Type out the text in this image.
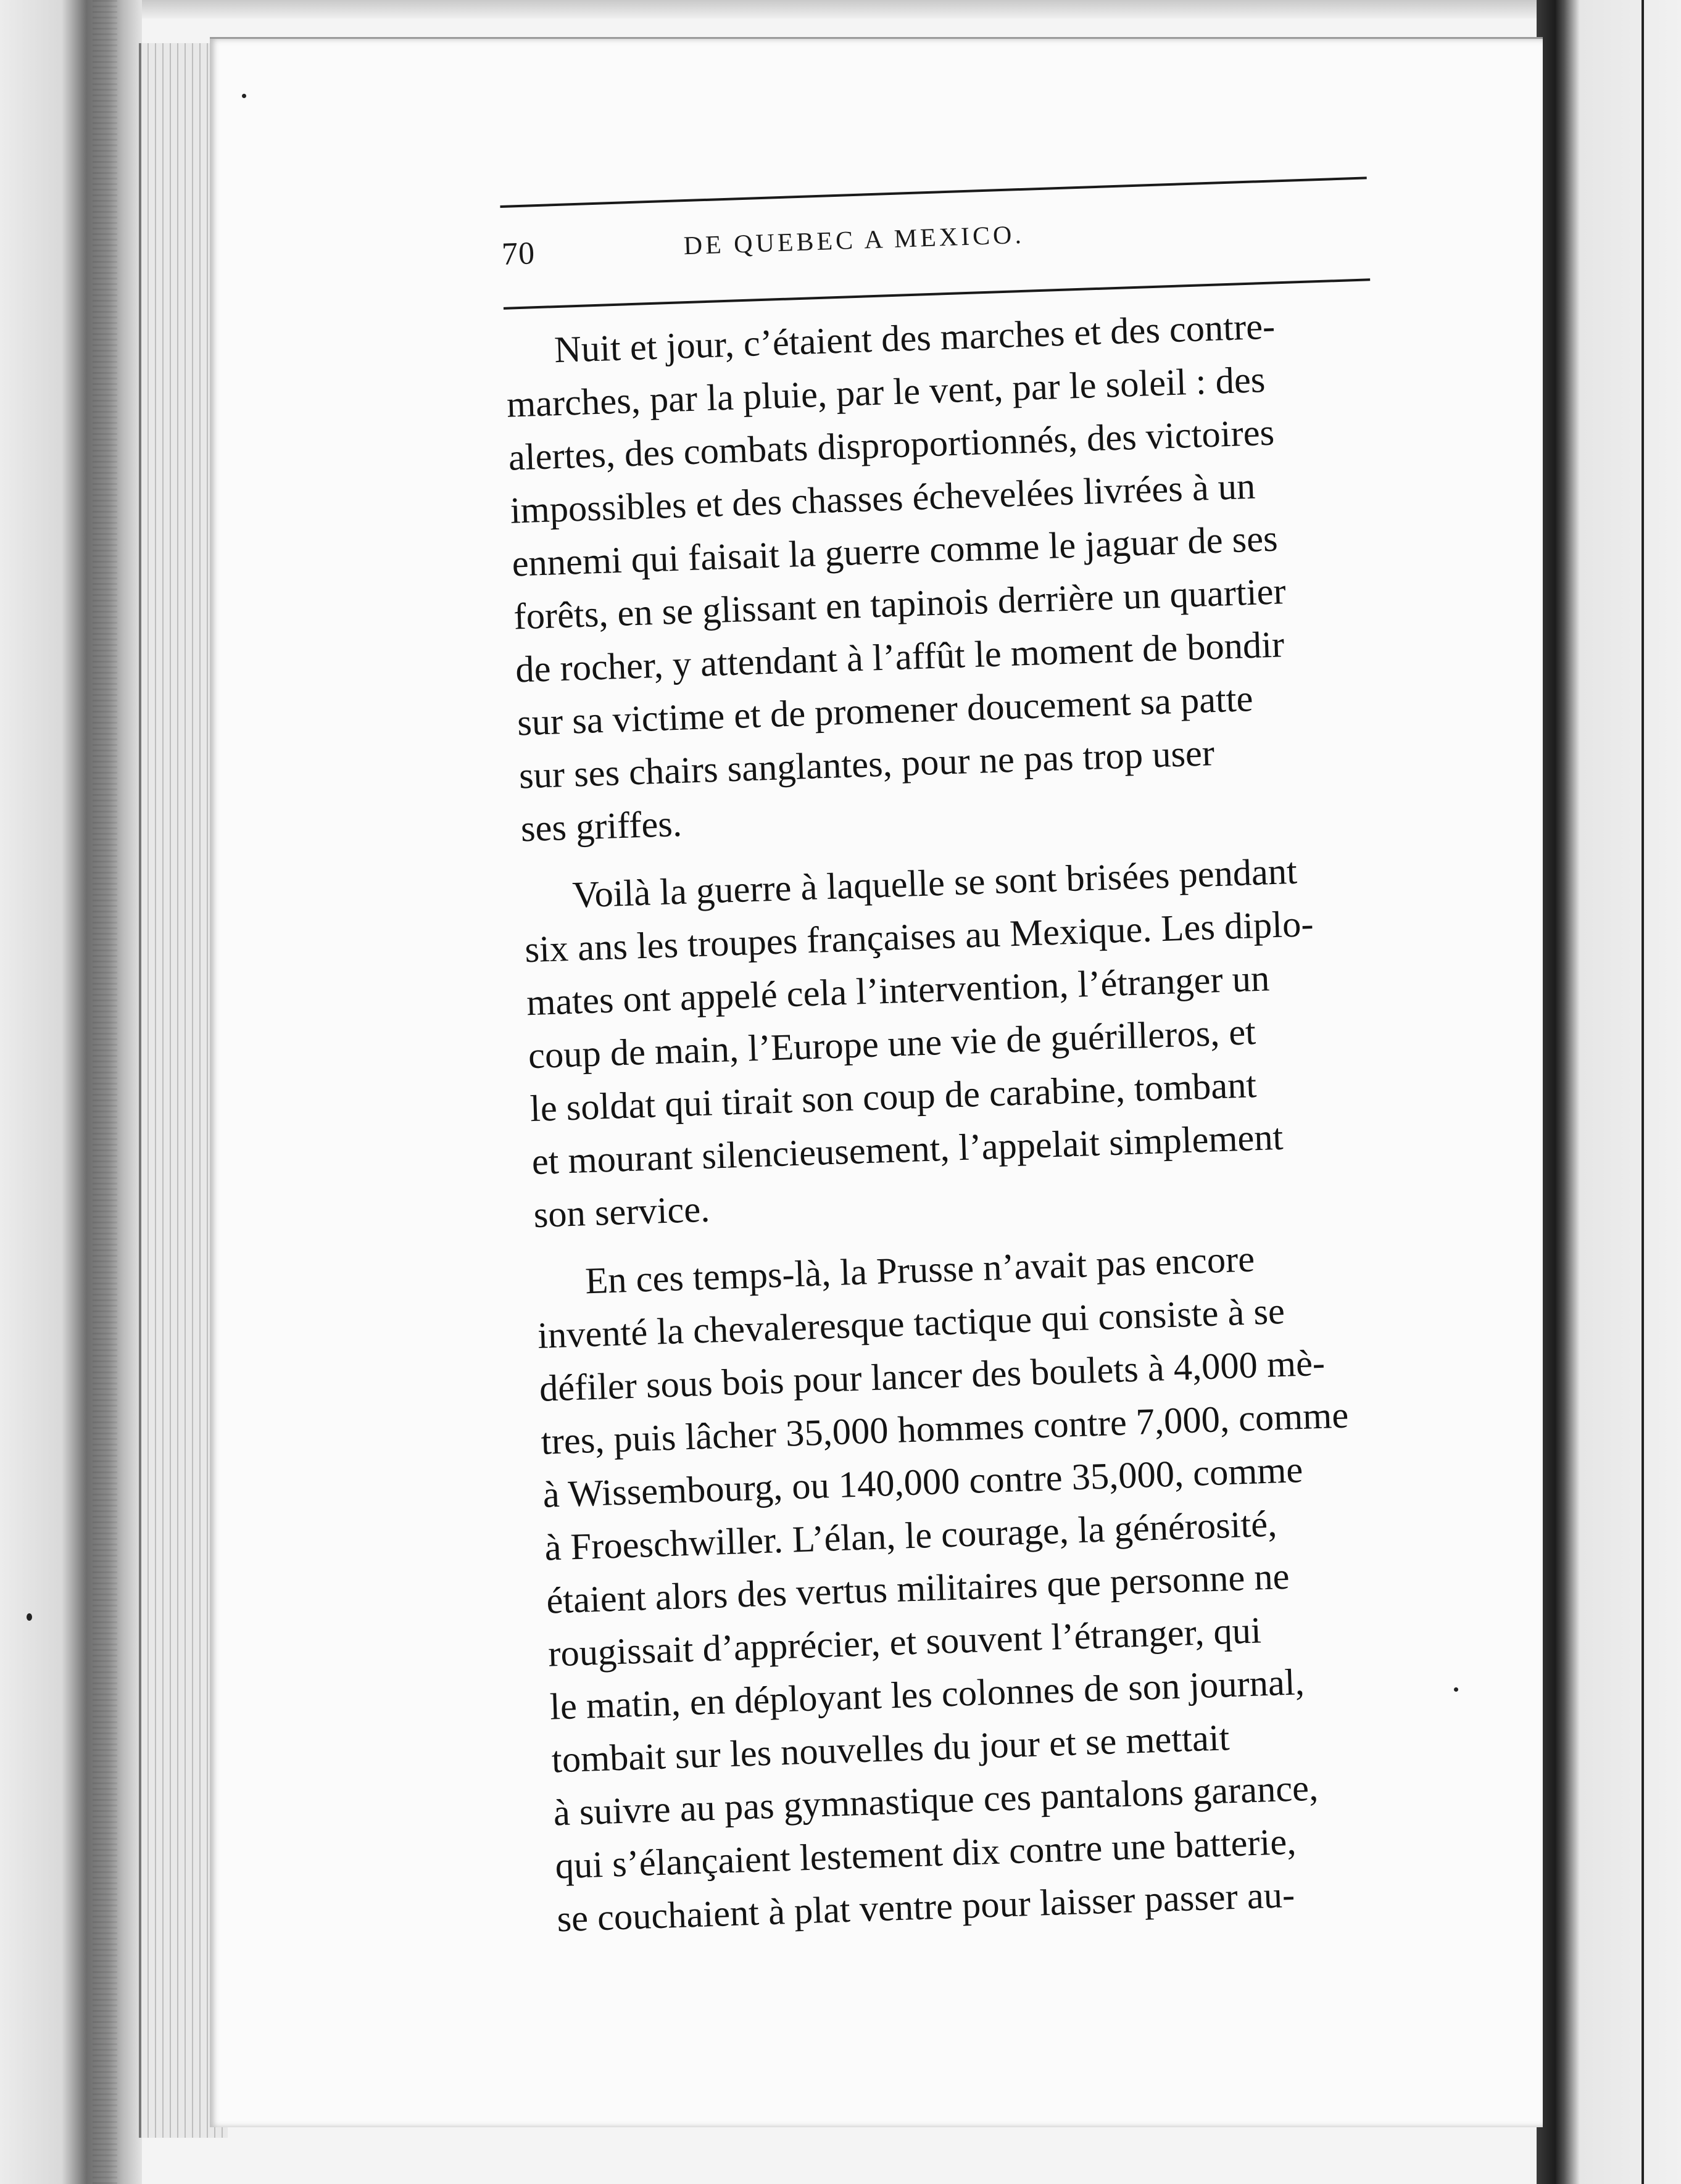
70	DE QUEBEC A MEXICO.

Nuit et jour, c’étaient des marches et des contre-
marches, par la pluie, par le vent, par le soleil : des
alertes, des combats disproportionnés, des victoires
impossibles et des chasses échevelées livrées à un
ennemi qui faisait la guerre comme le jaguar de ses
forêts, en se glissant en tapinois derrière un quartier
de rocher, y attendant à l’affût le moment de bondir
sur sa victime et de promener doucement sa patte
sur ses chairs sanglantes, pour ne pas trop user
ses griffes.

Voilà la guerre à laquelle se sont brisées pendant
six ans les troupes françaises au Mexique. Les diplo-
mates ont appelé cela l’intervention, l’étranger un
coup de main, l’Europe une vie de guérilleros, et
le soldat qui tirait son coup de carabine, tombant
et mourant silencieusement, l’appelait simplement
son service.

En ces temps-là, la Prusse n’avait pas encore
inventé la chevaleresque tactique qui consiste à se
défiler sous bois pour lancer des boulets à 4,000 mè-
tres, puis lâcher 35,000 hommes contre 7,000, comme
à Wissembourg, ou 140,000 contre 35,000, comme
à Froeschwiller. L’élan, le courage, la générosité,
étaient alors des vertus militaires que personne ne
rougissait d’apprécier, et souvent l’étranger, qui
le matin, en déployant les colonnes de son journal,
tombait sur les nouvelles du jour et se mettait
à suivre au pas gymnastique ces pantalons garance,
qui s’élançaient lestement dix contre une batterie,
se couchaient à plat ventre pour laisser passer au-
